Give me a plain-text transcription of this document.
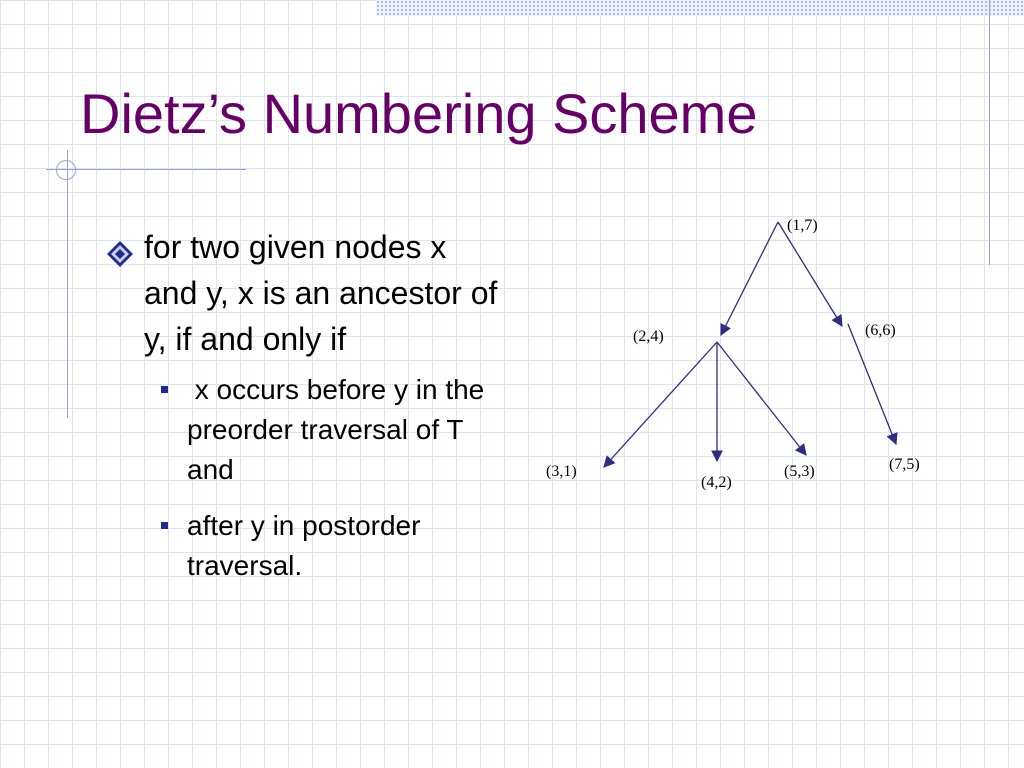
Dietz’s Numbering Scheme
for two given nodes x and y, x is an ancestor of y, if and only if
x occurs before y in the preorder traversal of T and
after y in postorder traversal.
(1,7)
(2,4)	(6,6)
(3,1)
(4,2)
(5,3)	(7,5)
